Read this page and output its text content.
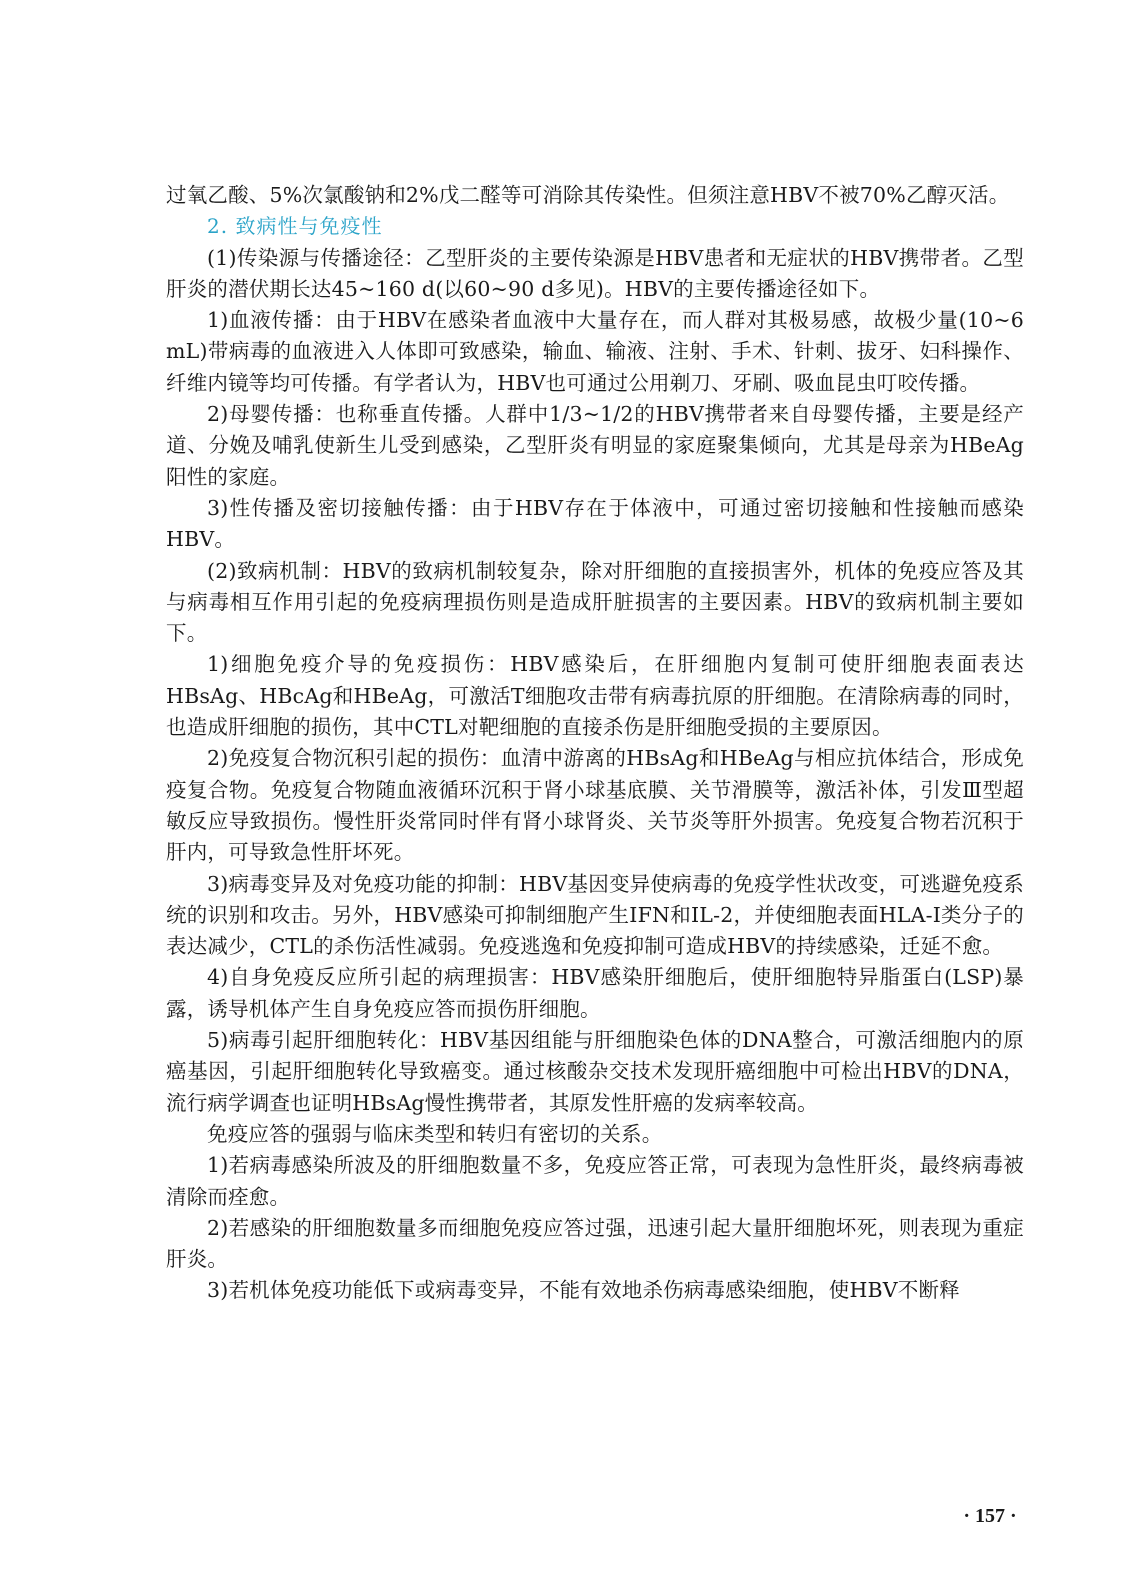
过氧乙酸、5%次氯酸钠和2%戊二醛等可消除其传染性。但须注意HBV不被70%乙醇灭活。

2. 致病性与免疫性

(1)传染源与传播途径：乙型肝炎的主要传染源是HBV患者和无症状的HBV携带者。乙型肝炎的潜伏期长达45~160 d(以60~90 d多见)。HBV的主要传播途径如下。

1)血液传播：由于HBV在感染者血液中大量存在，而人群对其极易感，故极少量(10~6 mL)带病毒的血液进入人体即可致感染，输血、输液、注射、手术、针刺、拔牙、妇科操作、纤维内镜等均可传播。有学者认为，HBV也可通过公用剃刀、牙刷、吸血昆虫叮咬传播。

2)母婴传播：也称垂直传播。人群中1/3~1/2的HBV携带者来自母婴传播，主要是经产道、分娩及哺乳使新生儿受到感染，乙型肝炎有明显的家庭聚集倾向，尤其是母亲为HBeAg阳性的家庭。

3)性传播及密切接触传播：由于HBV存在于体液中，可通过密切接触和性接触而感染HBV。

(2)致病机制：HBV的致病机制较复杂，除对肝细胞的直接损害外，机体的免疫应答及其与病毒相互作用引起的免疫病理损伤则是造成肝脏损害的主要因素。HBV的致病机制主要如下。

1)细胞免疫介导的免疫损伤：HBV感染后，在肝细胞内复制可使肝细胞表面表达HBsAg、HBcAg和HBeAg，可激活T细胞攻击带有病毒抗原的肝细胞。在清除病毒的同时，也造成肝细胞的损伤，其中CTL对靶细胞的直接杀伤是肝细胞受损的主要原因。

2)免疫复合物沉积引起的损伤：血清中游离的HBsAg和HBeAg与相应抗体结合，形成免疫复合物。免疫复合物随血液循环沉积于肾小球基底膜、关节滑膜等，激活补体，引发Ⅲ型超敏反应导致损伤。慢性肝炎常同时伴有肾小球肾炎、关节炎等肝外损害。免疫复合物若沉积于肝内，可导致急性肝坏死。

3)病毒变异及对免疫功能的抑制：HBV基因变异使病毒的免疫学性状改变，可逃避免疫系统的识别和攻击。另外，HBV感染可抑制细胞产生IFN和IL-2，并使细胞表面HLA-I类分子的表达减少，CTL的杀伤活性减弱。免疫逃逸和免疫抑制可造成HBV的持续感染，迁延不愈。

4)自身免疫反应所引起的病理损害：HBV感染肝细胞后，使肝细胞特异脂蛋白(LSP)暴露，诱导机体产生自身免疫应答而损伤肝细胞。

5)病毒引起肝细胞转化：HBV基因组能与肝细胞染色体的DNA整合，可激活细胞内的原癌基因，引起肝细胞转化导致癌变。通过核酸杂交技术发现肝癌细胞中可检出HBV的DNA，流行病学调查也证明HBsAg慢性携带者，其原发性肝癌的发病率较高。

免疫应答的强弱与临床类型和转归有密切的关系。

1)若病毒感染所波及的肝细胞数量不多，免疫应答正常，可表现为急性肝炎，最终病毒被清除而痊愈。

2)若感染的肝细胞数量多而细胞免疫应答过强，迅速引起大量肝细胞坏死，则表现为重症肝炎。

3)若机体免疫功能低下或病毒变异，不能有效地杀伤病毒感染细胞，使HBV不断释

· 157 ·
